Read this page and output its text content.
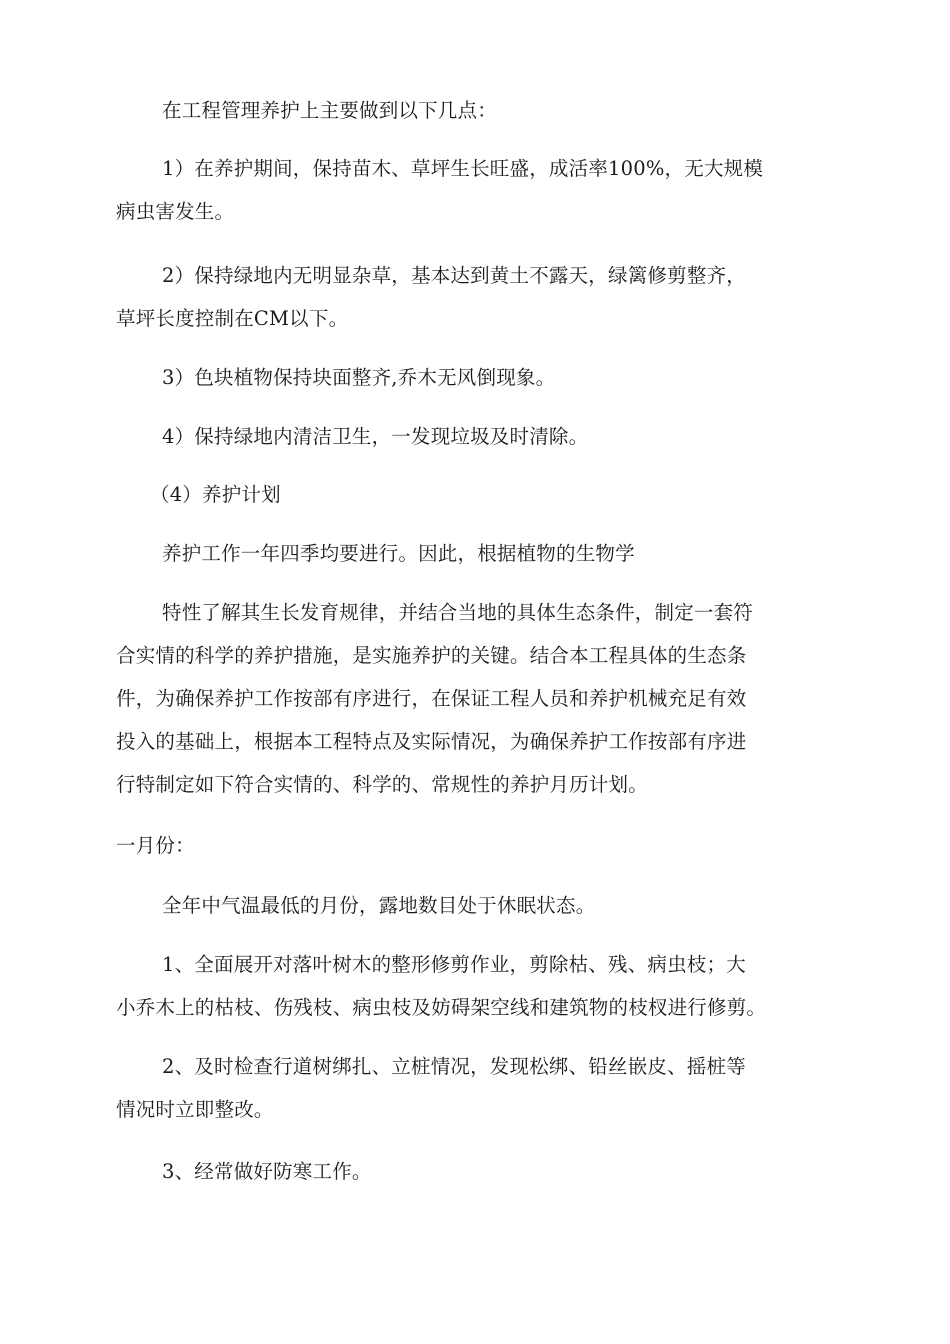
在工程管理养护上主要做到以下几点：
1）在养护期间，保持苗木、草坪生长旺盛，成活率100%，无大规模
病虫害发生。
2）保持绿地内无明显杂草，基本达到黄土不露天，绿篱修剪整齐，
草坪长度控制在CM以下。
3）色块植物保持块面整齐,乔木无风倒现象。
4）保持绿地内清洁卫生，一发现垃圾及时清除。
（4）养护计划
养护工作一年四季均要进行。因此，根据植物的生物学
特性了解其生长发育规律，并结合当地的具体生态条件，制定一套符
合实情的科学的养护措施，是实施养护的关键。结合本工程具体的生态条
件，为确保养护工作按部有序进行，在保证工程人员和养护机械充足有效
投入的基础上，根据本工程特点及实际情况，为确保养护工作按部有序进
行特制定如下符合实情的、科学的、常规性的养护月历计划。
一月份：
全年中气温最低的月份，露地数目处于休眠状态。
1、全面展开对落叶树木的整形修剪作业，剪除枯、残、病虫枝；大
小乔木上的枯枝、伤残枝、病虫枝及妨碍架空线和建筑物的枝杈进行修剪。
2、及时检查行道树绑扎、立桩情况，发现松绑、铅丝嵌皮、摇桩等
情况时立即整改。
3、经常做好防寒工作。
